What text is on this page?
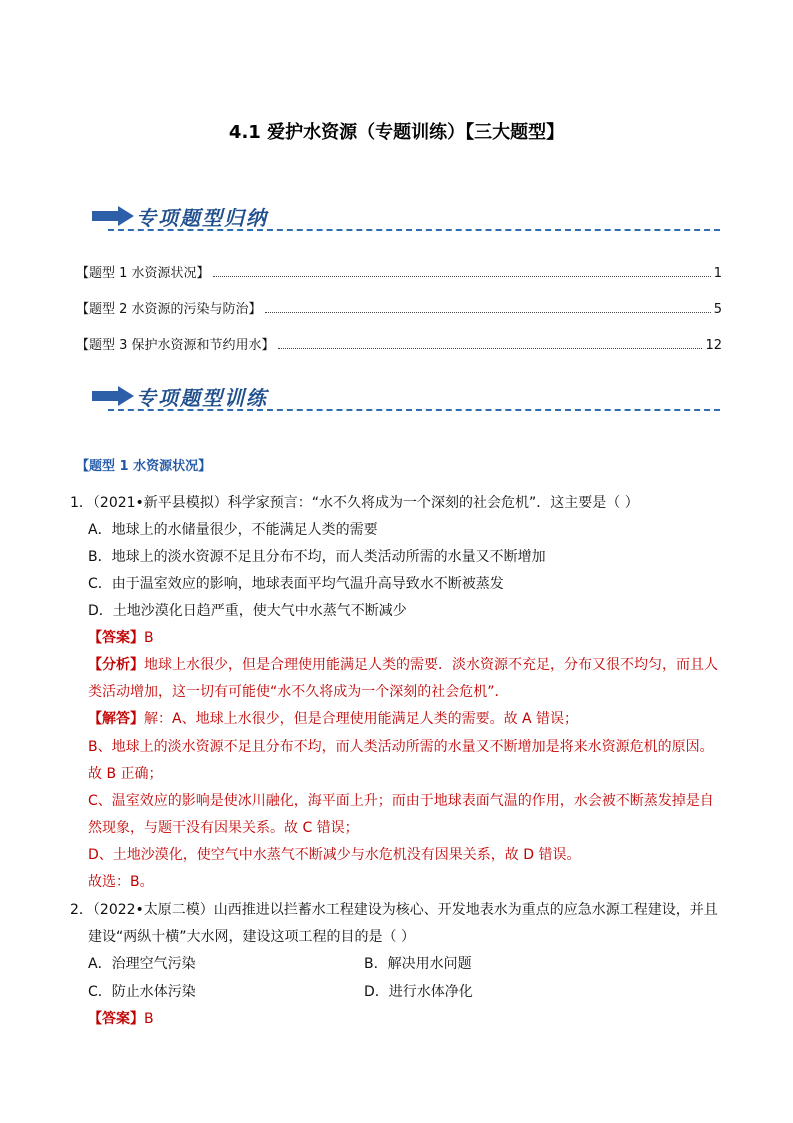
4.1 爱护水资源（专题训练）【三大题型】
专项题型归纳
【题型 1 水资源状况】	1
【题型 2 水资源的污染与防治】	5
【题型 3 保护水资源和节约用水】	12
专项题型训练
【题型 1 水资源状况】
1．（2021•新平县模拟）科学家预言：“水不久将成为一个深刻的社会危机”．这主要是（ ）
A．地球上的水储量很少，不能满足人类的需要
B．地球上的淡水资源不足且分布不均，而人类活动所需的水量又不断增加
C．由于温室效应的影响，地球表面平均气温升高导致水不断被蒸发
D．土地沙漠化日趋严重，使大气中水蒸气不断减少
【答案】B
【分析】地球上水很少，但是合理使用能满足人类的需要．淡水资源不充足，分布又很不均匀，而且人
类活动增加，这一切有可能使“水不久将成为一个深刻的社会危机”．
【解答】解：A、地球上水很少，但是合理使用能满足人类的需要。故 A 错误；
B、地球上的淡水资源不足且分布不均，而人类活动所需的水量又不断增加是将来水资源危机的原因。
故 B 正确；
C、温室效应的影响是使冰川融化，海平面上升；而由于地球表面气温的作用，水会被不断蒸发掉是自
然现象，与题干没有因果关系。故 C 错误；
D、土地沙漠化，使空气中水蒸气不断减少与水危机没有因果关系，故 D 错误。
故选：B。
2．（2022•太原二模）山西推进以拦蓄水工程建设为核心、开发地表水为重点的应急水源工程建设，并且
建设“两纵十横”大水网，建设这项工程的目的是（ ）
A．治理空气污染	B．解决用水问题
C．防止水体污染	D．进行水体净化
【答案】B
